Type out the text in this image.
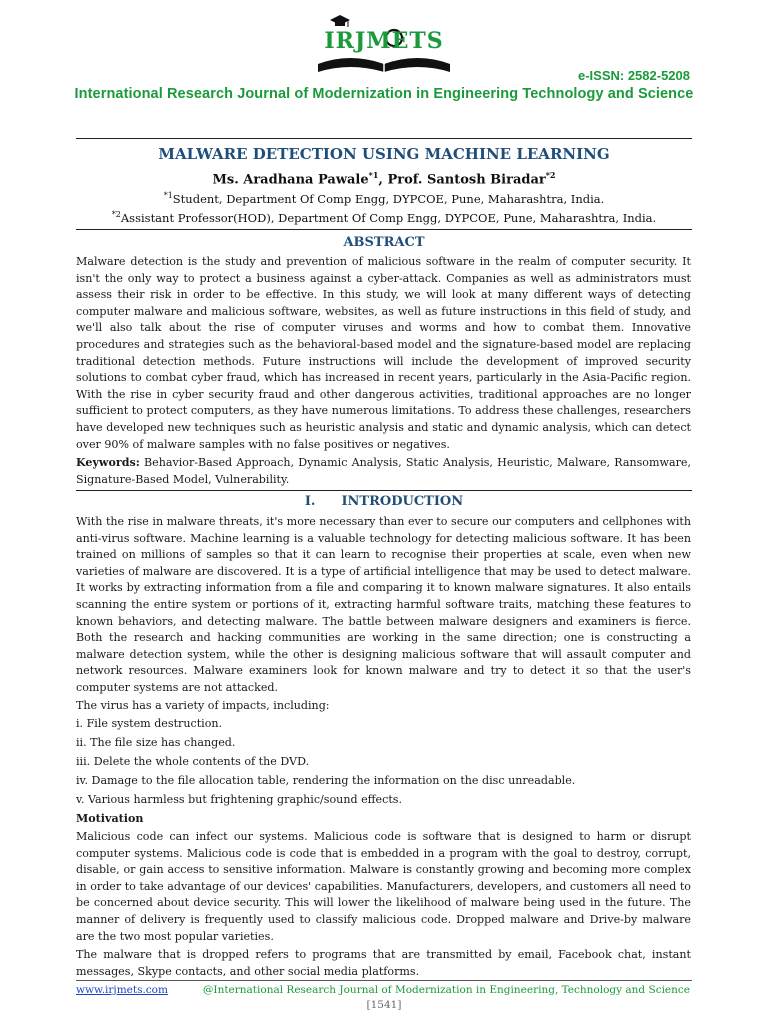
IRJMETS
e-ISSN: 2582-5208
International Research Journal of Modernization in Engineering Technology and Science
MALWARE DETECTION USING MACHINE LEARNING
Ms. Aradhana Pawale$^{*1}$, Prof. Santosh Biradar$^{*2}$
$^{*1}$Student, Department Of Comp Engg, DYPCOE, Pune, Maharashtra, India.
$^{*2}$Assistant Professor(HOD), Department Of Comp Engg, DYPCOE, Pune, Maharashtra, India.
ABSTRACT

Malware detection is the study and prevention of malicious software in the realm of computer security. It isn't the only way to protect a business against a cyber-attack. Companies as well as administrators must assess their risk in order to be effective. In this study, we will look at many different ways of detecting computer malware and malicious software, websites, as well as future instructions in this field of study, and we'll also talk about the rise of computer viruses and worms and how to combat them. Innovative procedures and strategies such as the behavioral-based model and the signature-based model are replacing traditional detection methods. Future instructions will include the development of improved security solutions to combat cyber fraud, which has increased in recent years, particularly in the Asia-Pacific region. With the rise in cyber security fraud and other dangerous activities, traditional approaches are no longer sufficient to protect computers, as they have numerous limitations. To address these challenges, researchers have developed new techniques such as heuristic analysis and static and dynamic analysis, which can detect over 90% of malware samples with no false positives or negatives.

Keywords: Behavior-Based Approach, Dynamic Analysis, Static Analysis, Heuristic, Malware, Ransomware, Signature-Based Model, Vulnerability.

I. INTRODUCTION

With the rise in malware threats, it's more necessary than ever to secure our computers and cellphones with anti-virus software. Machine learning is a valuable technology for detecting malicious software. It has been trained on millions of samples so that it can learn to recognise their properties at scale, even when new varieties of malware are discovered. It is a type of artificial intelligence that may be used to detect malware. It works by extracting information from a file and comparing it to known malware signatures. It also entails scanning the entire system or portions of it, extracting harmful software traits, matching these features to known behaviors, and detecting malware. The battle between malware designers and examiners is fierce. Both the research and hacking communities are working in the same direction; one is constructing a malware detection system, while the other is designing malicious software that will assault computer and network resources. Malware examiners look for known malware and try to detect it so that the user's computer systems are not attacked.

The virus has a variety of impacts, including:
i. File system destruction.
ii. The file size has changed.
iii. Delete the whole contents of the DVD.
iv. Damage to the file allocation table, rendering the information on the disc unreadable.
v. Various harmless but frightening graphic/sound effects.
Motivation

Malicious code can infect our systems. Malicious code is software that is designed to harm or disrupt computer systems. Malicious code is code that is embedded in a program with the goal to destroy, corrupt, disable, or gain access to sensitive information. Malware is constantly growing and becoming more complex in order to take advantage of our devices' capabilities. Manufacturers, developers, and customers all need to be concerned about device security. This will lower the likelihood of malware being used in the future. The manner of delivery is frequently used to classify malicious code. Dropped malware and Drive-by malware are the two most popular varieties.

The malware that is dropped refers to programs that are transmitted by email, Facebook chat, instant messages, Skype contacts, and other social media platforms.

www.irjmets.com	@International Research Journal of Modernization in Engineering, Technology and Science
[1541]
